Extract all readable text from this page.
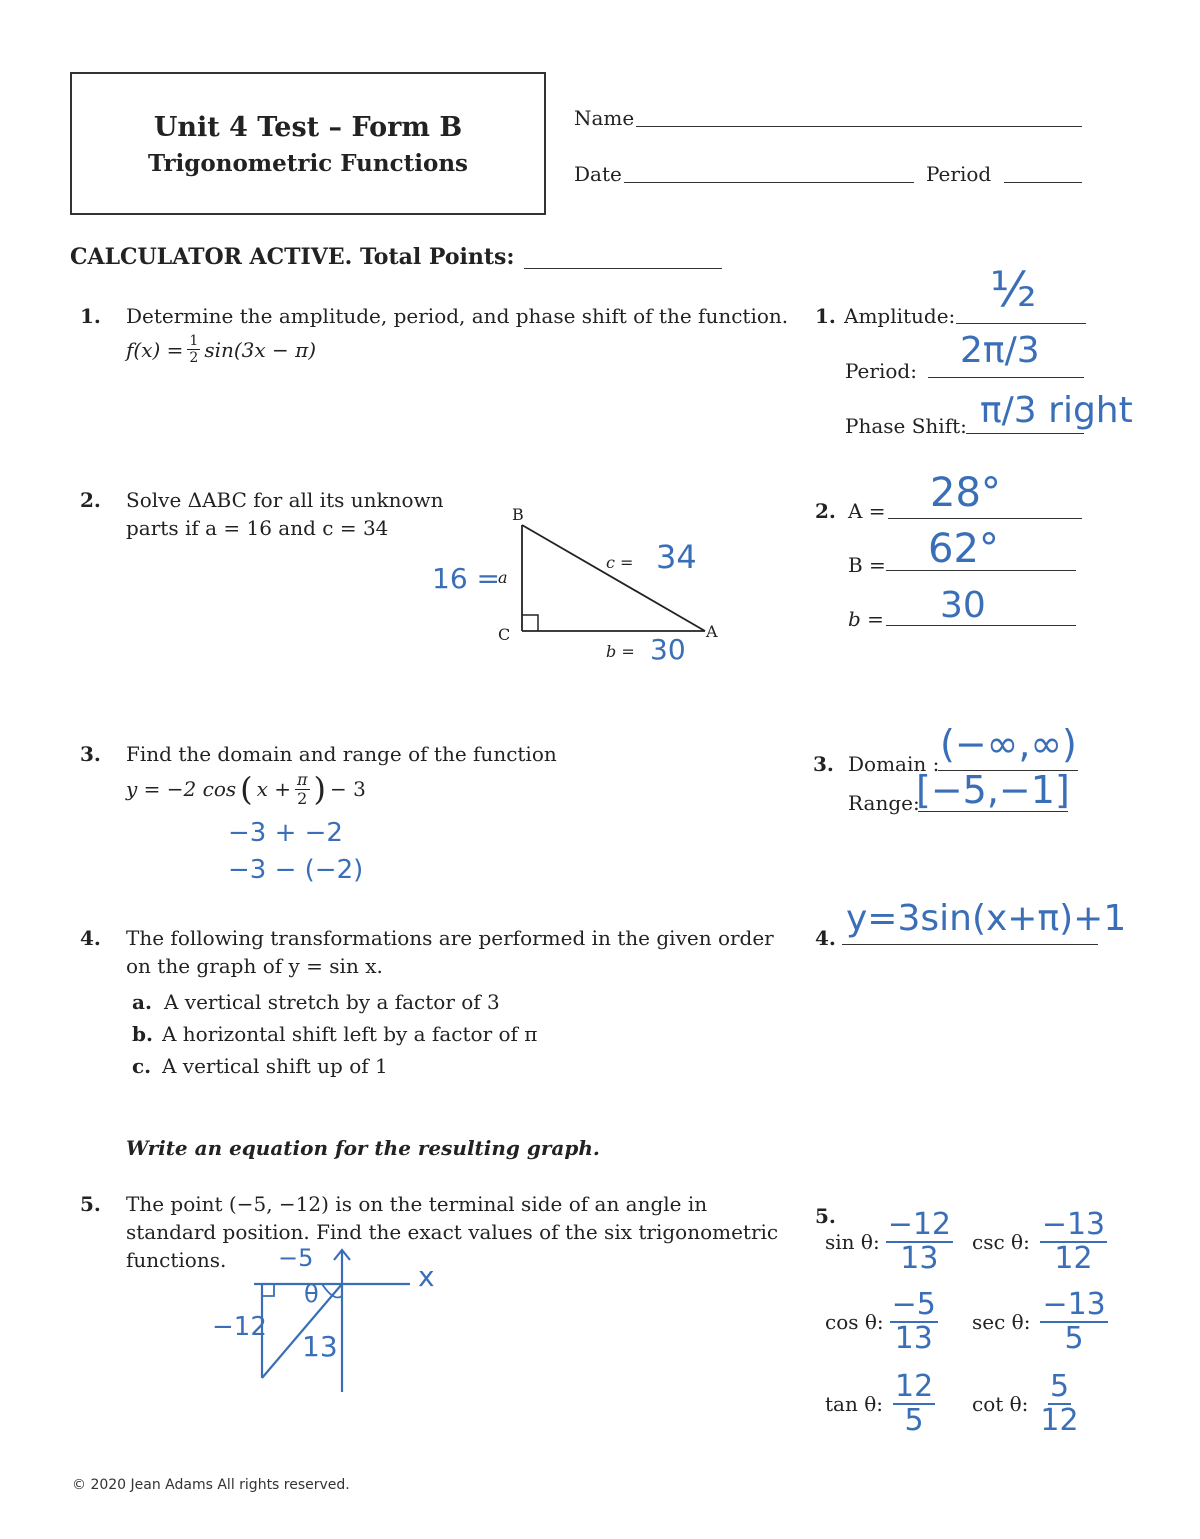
Unit 4 Test – Form B
Trigonometric Functions
Name
Date	Period
CALCULATOR ACTIVE. Total Points:
1. Determine the amplitude, period, and phase shift of the function.
$f(x) = \frac{1}{2} \sin(3x - \pi)$
1. Amplitude: ½
Period: 2π/3
Phase Shift: π/3 right
2. Solve ΔABC for all its unknown
parts if a = 16 and c = 34
B
C	A
c = 34
16 =
a
b = 30
2. A = 28°
B = 62°
b = 30
3. Find the domain and range of the function
y = −2 cos ( $x + \frac{\pi}{2}$ ) − 3
−3 + −2
−3 − (−2)
3. Domain : (−∞,∞)
Range:
[−5,−1]
4. The following transformations are performed in the given order
on the graph of y = sin x.
a. A vertical stretch by a factor of 3
b. A horizontal shift left by a factor of π
c. A vertical shift up of 1
Write an equation for the resulting graph.
4. y=3sin(x+π)+1
5. The point (−5, −12) is on the terminal side of an angle in
standard position. Find the exact values of the six trigonometric
functions. −5
x
−12
θ
13
5.
sin θ: $\frac{-12}{13}$ csc θ: $\frac{-13}{12}$
cos θ: $\frac{-5}{13}$ sec θ: $\frac{-13}{5}$
tan θ: $\frac{12}{5}$ cot θ: $\frac{5}{12}$
© 2020 Jean Adams All rights reserved.
